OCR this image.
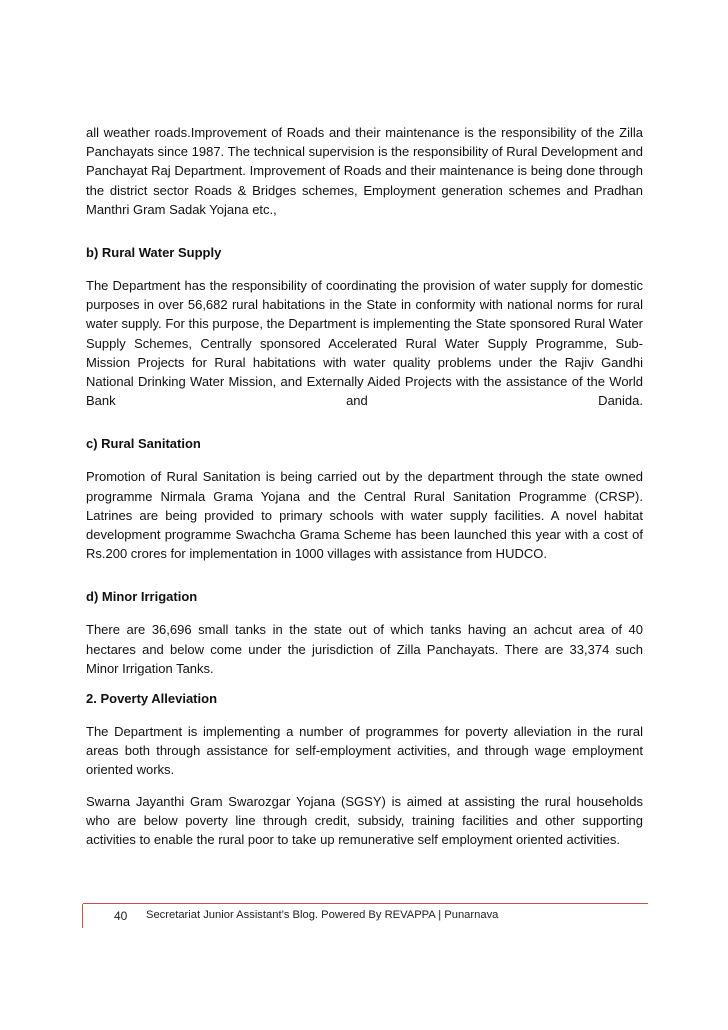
all weather roads.Improvement of Roads and their maintenance is the responsibility of the Zilla Panchayats since 1987. The technical supervision is the responsibility of Rural Development and Panchayat Raj Department. Improvement of Roads and their maintenance is being done through the district sector Roads & Bridges schemes, Employment generation schemes and Pradhan Manthri Gram Sadak Yojana etc.,

b) Rural Water Supply

The Department has the responsibility of coordinating the provision of water supply for domestic purposes in over 56,682 rural habitations in the State in conformity with national norms for rural water supply. For this purpose, the Department is implementing the State sponsored Rural Water Supply Schemes, Centrally sponsored Accelerated Rural Water Supply Programme, Sub-Mission Projects for Rural habitations with water quality problems under the Rajiv Gandhi National Drinking Water Mission, and Externally Aided Projects with the assistance of the World Bank and Danida.

c) Rural Sanitation

Promotion of Rural Sanitation is being carried out by the department through the state owned programme Nirmala Grama Yojana and the Central Rural Sanitation Programme (CRSP). Latrines are being provided to primary schools with water supply facilities. A novel habitat development programme Swachcha Grama Scheme has been launched this year with a cost of Rs.200 crores for implementation in 1000 villages with assistance from HUDCO.

d) Minor Irrigation

There are 36,696 small tanks in the state out of which tanks having an achcut area of 40 hectares and below come under the jurisdiction of Zilla Panchayats. There are 33,374 such Minor Irrigation Tanks.

2. Poverty Alleviation

The Department is implementing a number of programmes for poverty alleviation in the rural areas both through assistance for self-employment activities, and through wage employment oriented works.

Swarna Jayanthi Gram Swarozgar Yojana (SGSY) is aimed at assisting the rural households who are below poverty line through credit, subsidy, training facilities and other supporting activities to enable the rural poor to take up remunerative self employment oriented activities.

40 Secretariat Junior Assistant’s Blog. Powered By REVAPPA | Punarnava
